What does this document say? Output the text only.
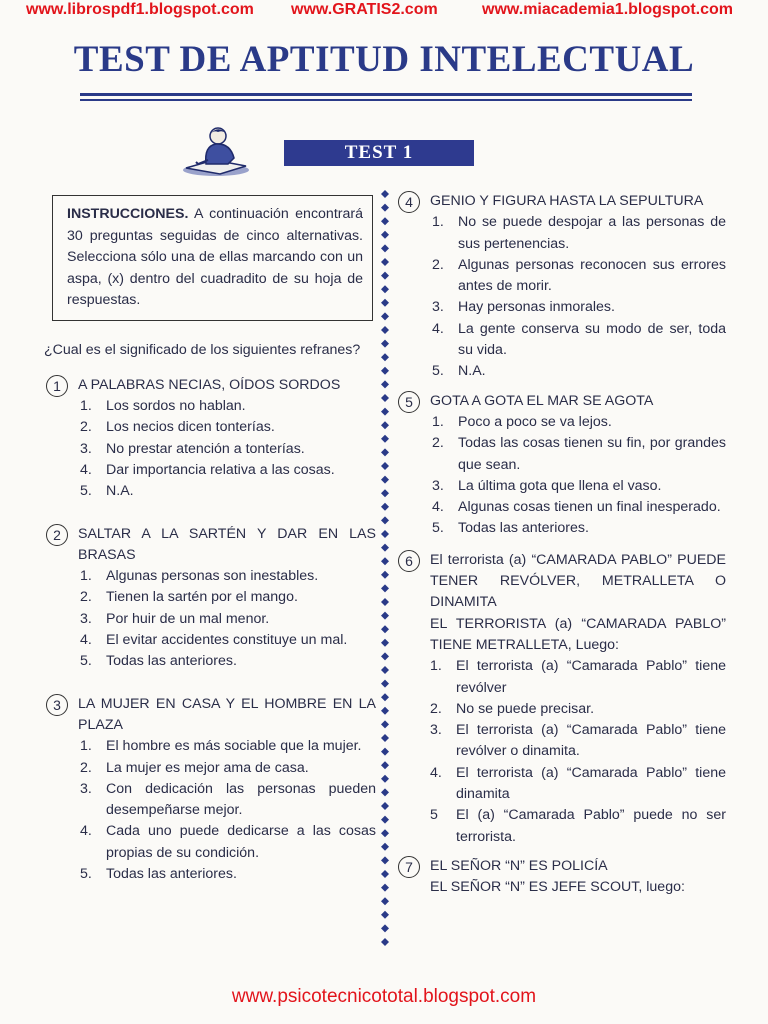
www.librospdf1.blogspot.com www.GRATIS2.com	www.miacademia1.blogspot.com
TEST DE APTITUD INTELECTUAL
TEST 1
INSTRUCCIONES. A continuación encontrará 30 preguntas seguidas de cinco alternativas. Selecciona sólo una de ellas marcando con un aspa, (x) dentro del cuadradito de su hoja de respuestas.
¿Cual es el significado de los siguientes refranes?
1	A PALABRAS NECIAS, OÍDOS SORDOS
1. Los sordos no hablan.
2. Los necios dicen tonterías.
3. No prestar atención a tonterías.
4. Dar importancia relativa a las cosas.
5. N.A.
2	SALTAR A LA SARTÉN Y DAR EN LAS BRASAS
1. Algunas personas son inestables.
2. Tienen la sartén por el mango.
3. Por huir de un mal menor.
4. El evitar accidentes constituye un mal.
5. Todas las anteriores.
3	LA MUJER EN CASA Y EL HOMBRE EN LA PLAZA
1. El hombre es más sociable que la mujer.
2. La mujer es mejor ama de casa.
3. Con dedicación las personas pueden desempeñarse mejor.
4. Cada uno puede dedicarse a las cosas propias de su condición.
5. Todas las anteriores.
4	GENIO Y FIGURA HASTA LA SEPULTURA
1. No se puede despojar a las personas de sus pertenencias.
2. Algunas personas reconocen sus errores antes de morir.
3. Hay personas inmorales.
4. La gente conserva su modo de ser, toda su vida.
5. N.A.
5	GOTA A GOTA EL MAR SE AGOTA
1. Poco a poco se va lejos.
2. Todas las cosas tienen su fin, por grandes que sean.
3. La última gota que llena el vaso.
4. Algunas cosas tienen un final inesperado.
5. Todas las anteriores.
6	El terrorista (a) “CAMARADA PABLO” PUEDE TENER REVÓLVER, METRALLETA O DINAMITA
EL TERRORISTA (a) “CAMARADA PABLO” TIENE METRALLETA, Luego:
1. El terrorista (a) “Camarada Pablo” tiene revólver
2. No se puede precisar.
3. El terrorista (a) “Camarada Pablo” tiene revólver o dinamita.
4. El terrorista (a) “Camarada Pablo” tiene dinamita
5 El (a) “Camarada Pablo” puede no ser terrorista.
7	EL SEÑOR “N” ES POLICÍA
EL SEÑOR “N” ES JEFE SCOUT, luego:
www.psicotecnicototal.blogspot.com
